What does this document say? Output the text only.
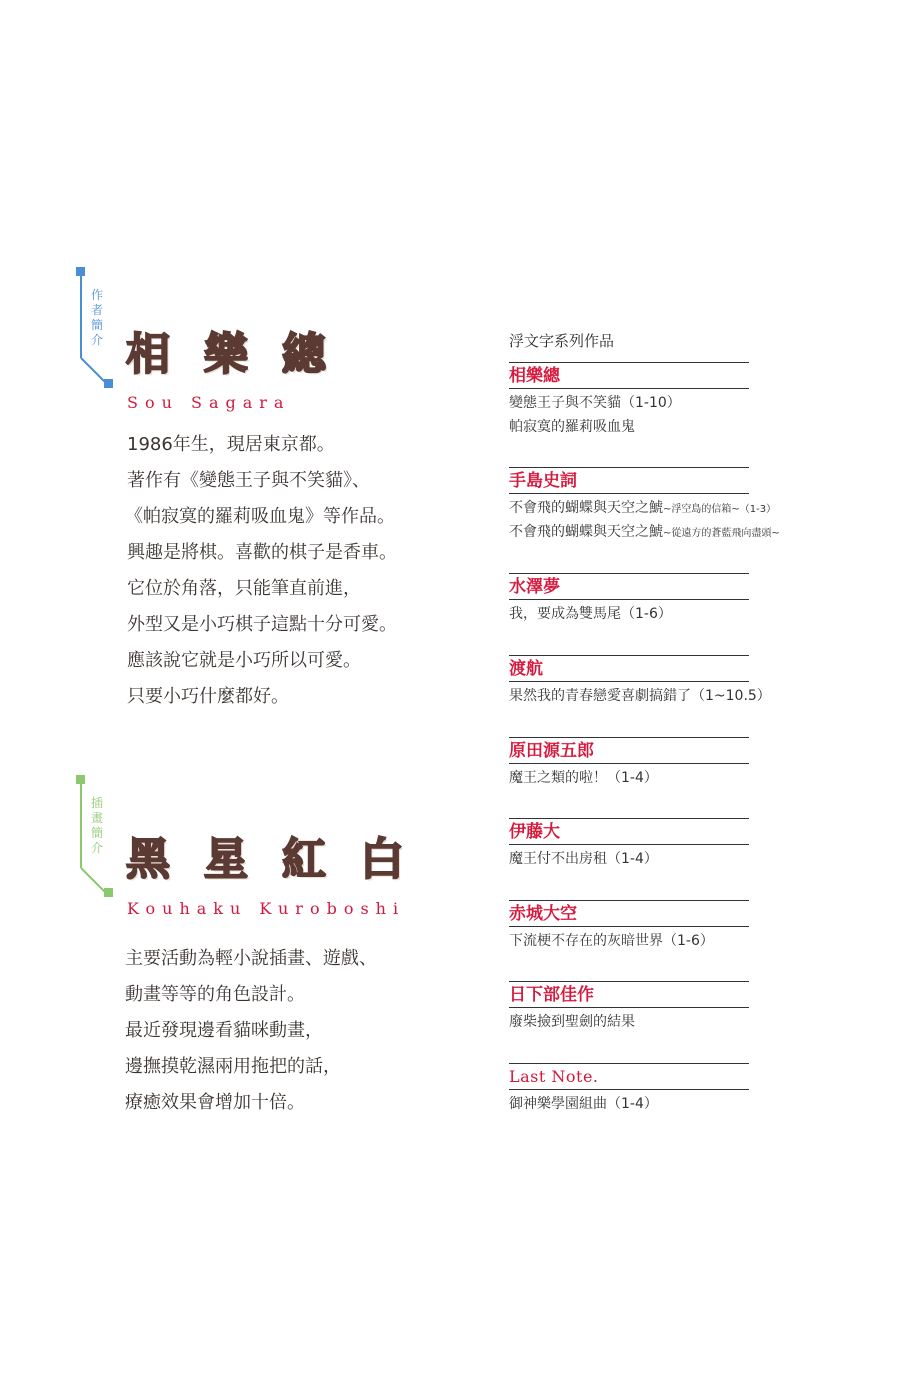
作
者
簡
介 相樂總
Sou Sagara
1986年生，現居東京都。
著作有《變態王子與不笑貓》、
《帕寂寞的羅莉吸血鬼》等作品。
興趣是將棋。喜歡的棋子是香車。
它位於角落，只能筆直前進，
外型又是小巧棋子這點十分可愛。
應該說它就是小巧所以可愛。
只要小巧什麼都好。
插
畫
簡
介 黑星紅白
Kouhaku Kuroboshi
主要活動為輕小說插畫、遊戲、
動畫等等的角色設計。
最近發現邊看貓咪動畫，
邊撫摸乾濕兩用拖把的話，
療癒效果會增加十倍。
浮文字系列作品
相樂總
變態王子與不笑貓（1-10）
帕寂寞的羅莉吸血鬼
手島史詞
不會飛的蝴蝶與天空之鯱~浮空島的信箱~（1-3）
不會飛的蝴蝶與天空之鯱~從遠方的蒼藍飛向盡頭~
水澤夢
我，要成為雙馬尾（1-6）
渡航
果然我的青春戀愛喜劇搞錯了（1~10.5）
原田源五郎
魔王之類的啦！（1-4）
伊藤大
魔王付不出房租（1-4）
赤城大空
下流梗不存在的灰暗世界（1-6）
日下部佳作
廢柴撿到聖劍的結果
Last Note.
御神樂學園組曲（1-4）
